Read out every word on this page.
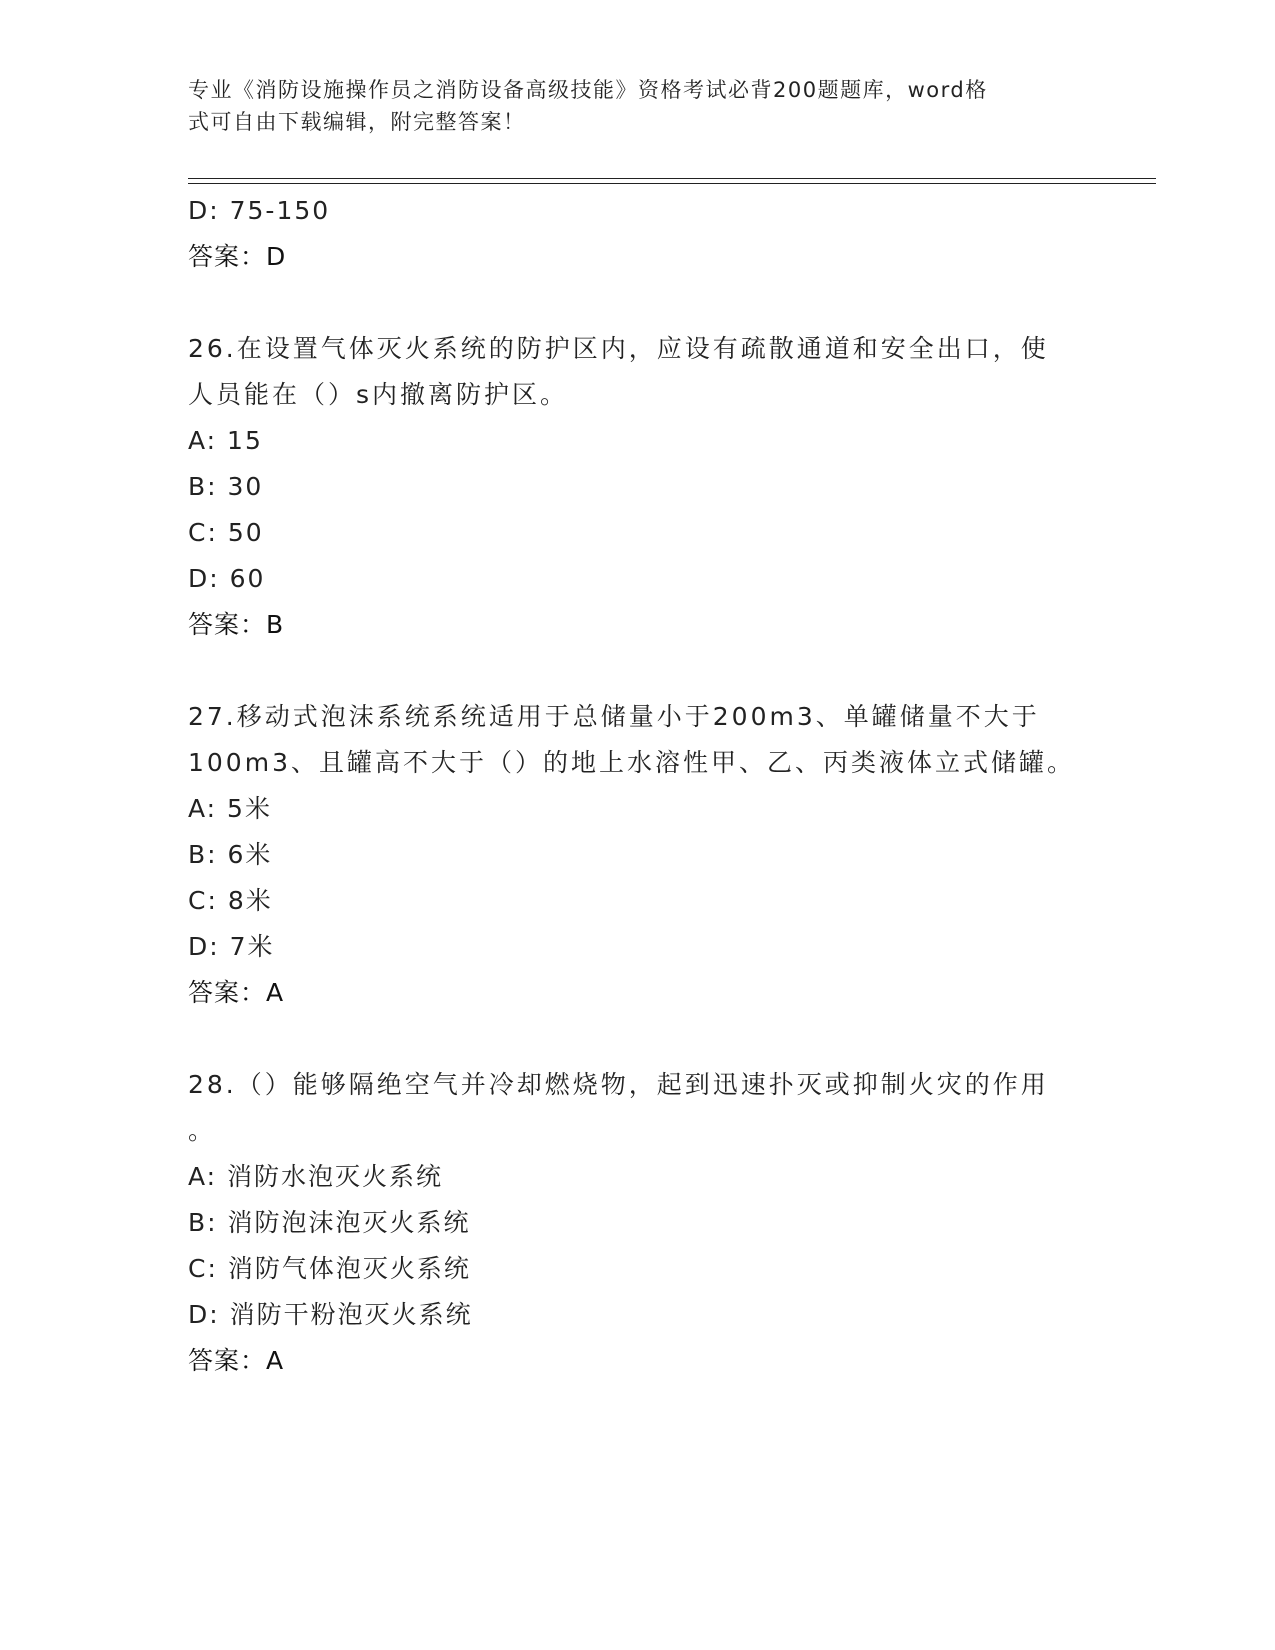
专业《消防设施操作员之消防设备高级技能》资格考试必背200题题库，word格
式可自由下载编辑，附完整答案！
D: 75-150
答案：D
26.在设置气体灭火系统的防护区内，应设有疏散通道和安全出口，使
人员能在（）s内撤离防护区。
A: 15
B: 30
C: 50
D: 60
答案：B
27.移动式泡沫系统系统适用于总储量小于200m3、单罐储量不大于
100m3、且罐高不大于（）的地上水溶性甲、乙、丙类液体立式储罐。
A: 5米
B: 6米
C: 8米
D: 7米
答案：A
28.（）能够隔绝空气并冷却燃烧物，起到迅速扑灭或抑制火灾的作用
。
A: 消防水泡灭火系统
B: 消防泡沫泡灭火系统
C: 消防气体泡灭火系统
D: 消防干粉泡灭火系统
答案：A
